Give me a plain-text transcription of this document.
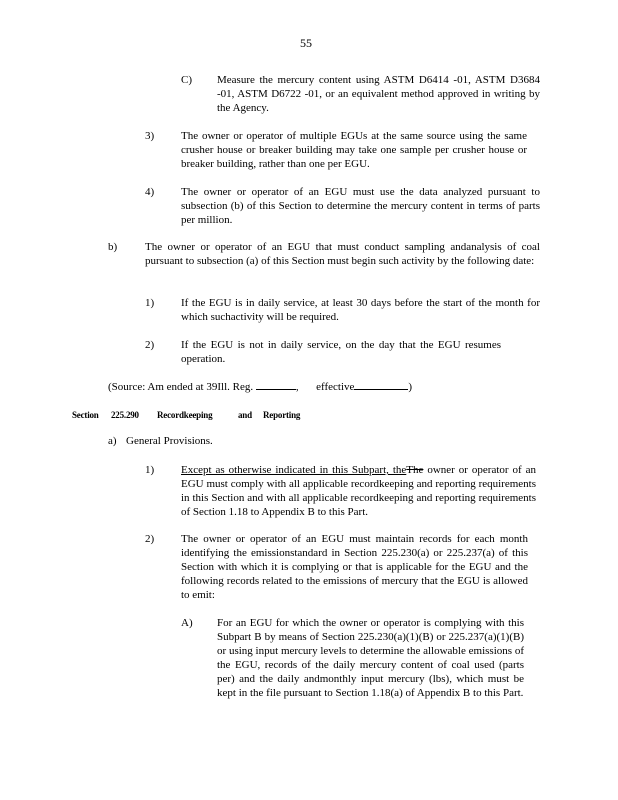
55
C) Measure the mercury content using ASTM D6414 -01, ASTM D3684 -01, ASTM D6722 -01, or an equivalent method approved in writing by the Agency.
3) The owner or operator of multiple EGUs at the same source using the same crusher house or breaker building may take one sample per crusher house or breaker building, rather than one per EGU.
4) The owner or operator of an EGU must use the data analyzed pursuant to subsection (b) of this Section to determine the mercury content in terms of parts per million.
b)	The owner or operator of an EGU that must conduct sampling andanalysis of coal pursuant to subsection (a) of this Section must begin such activity by the following date:
1) If the EGU is in daily service, at least 30 days before the start of the month for which suchactivity will be required.
2) If the EGU is not in daily service, on the day that the EGU resumes operation.
(Source: Am ended at 39Ill. Reg.	, effective	)
Section 225.290 Recordkeeping	and Reporting
a) General Provisions.
1) Except as otherwise indicated in this Subpart, theThe owner or operator of an EGU must comply with all applicable recordkeeping and reporting requirements in this Section and with all applicable recordkeeping and reporting requirements of Section 1.18 to Appendix B to this Part.
2) The owner or operator of an EGU must maintain records for each month identifying the emissionstandard in Section 225.230(a) or 225.237(a) of this Section with which it is complying or that is applicable for the EGU and the following records related to the emissions of mercury that the EGU is allowed to emit:
A) For an EGU for which the owner or operator is complying with this Subpart B by means of Section 225.230(a)(1)(B) or 225.237(a)(1)(B) or using input mercury levels to determine the allowable emissions of the EGU, records of the daily mercury content of coal used (parts per) and the daily andmonthly input mercury (lbs), which must be kept in the file pursuant to Section 1.18(a) of Appendix B to this Part.
